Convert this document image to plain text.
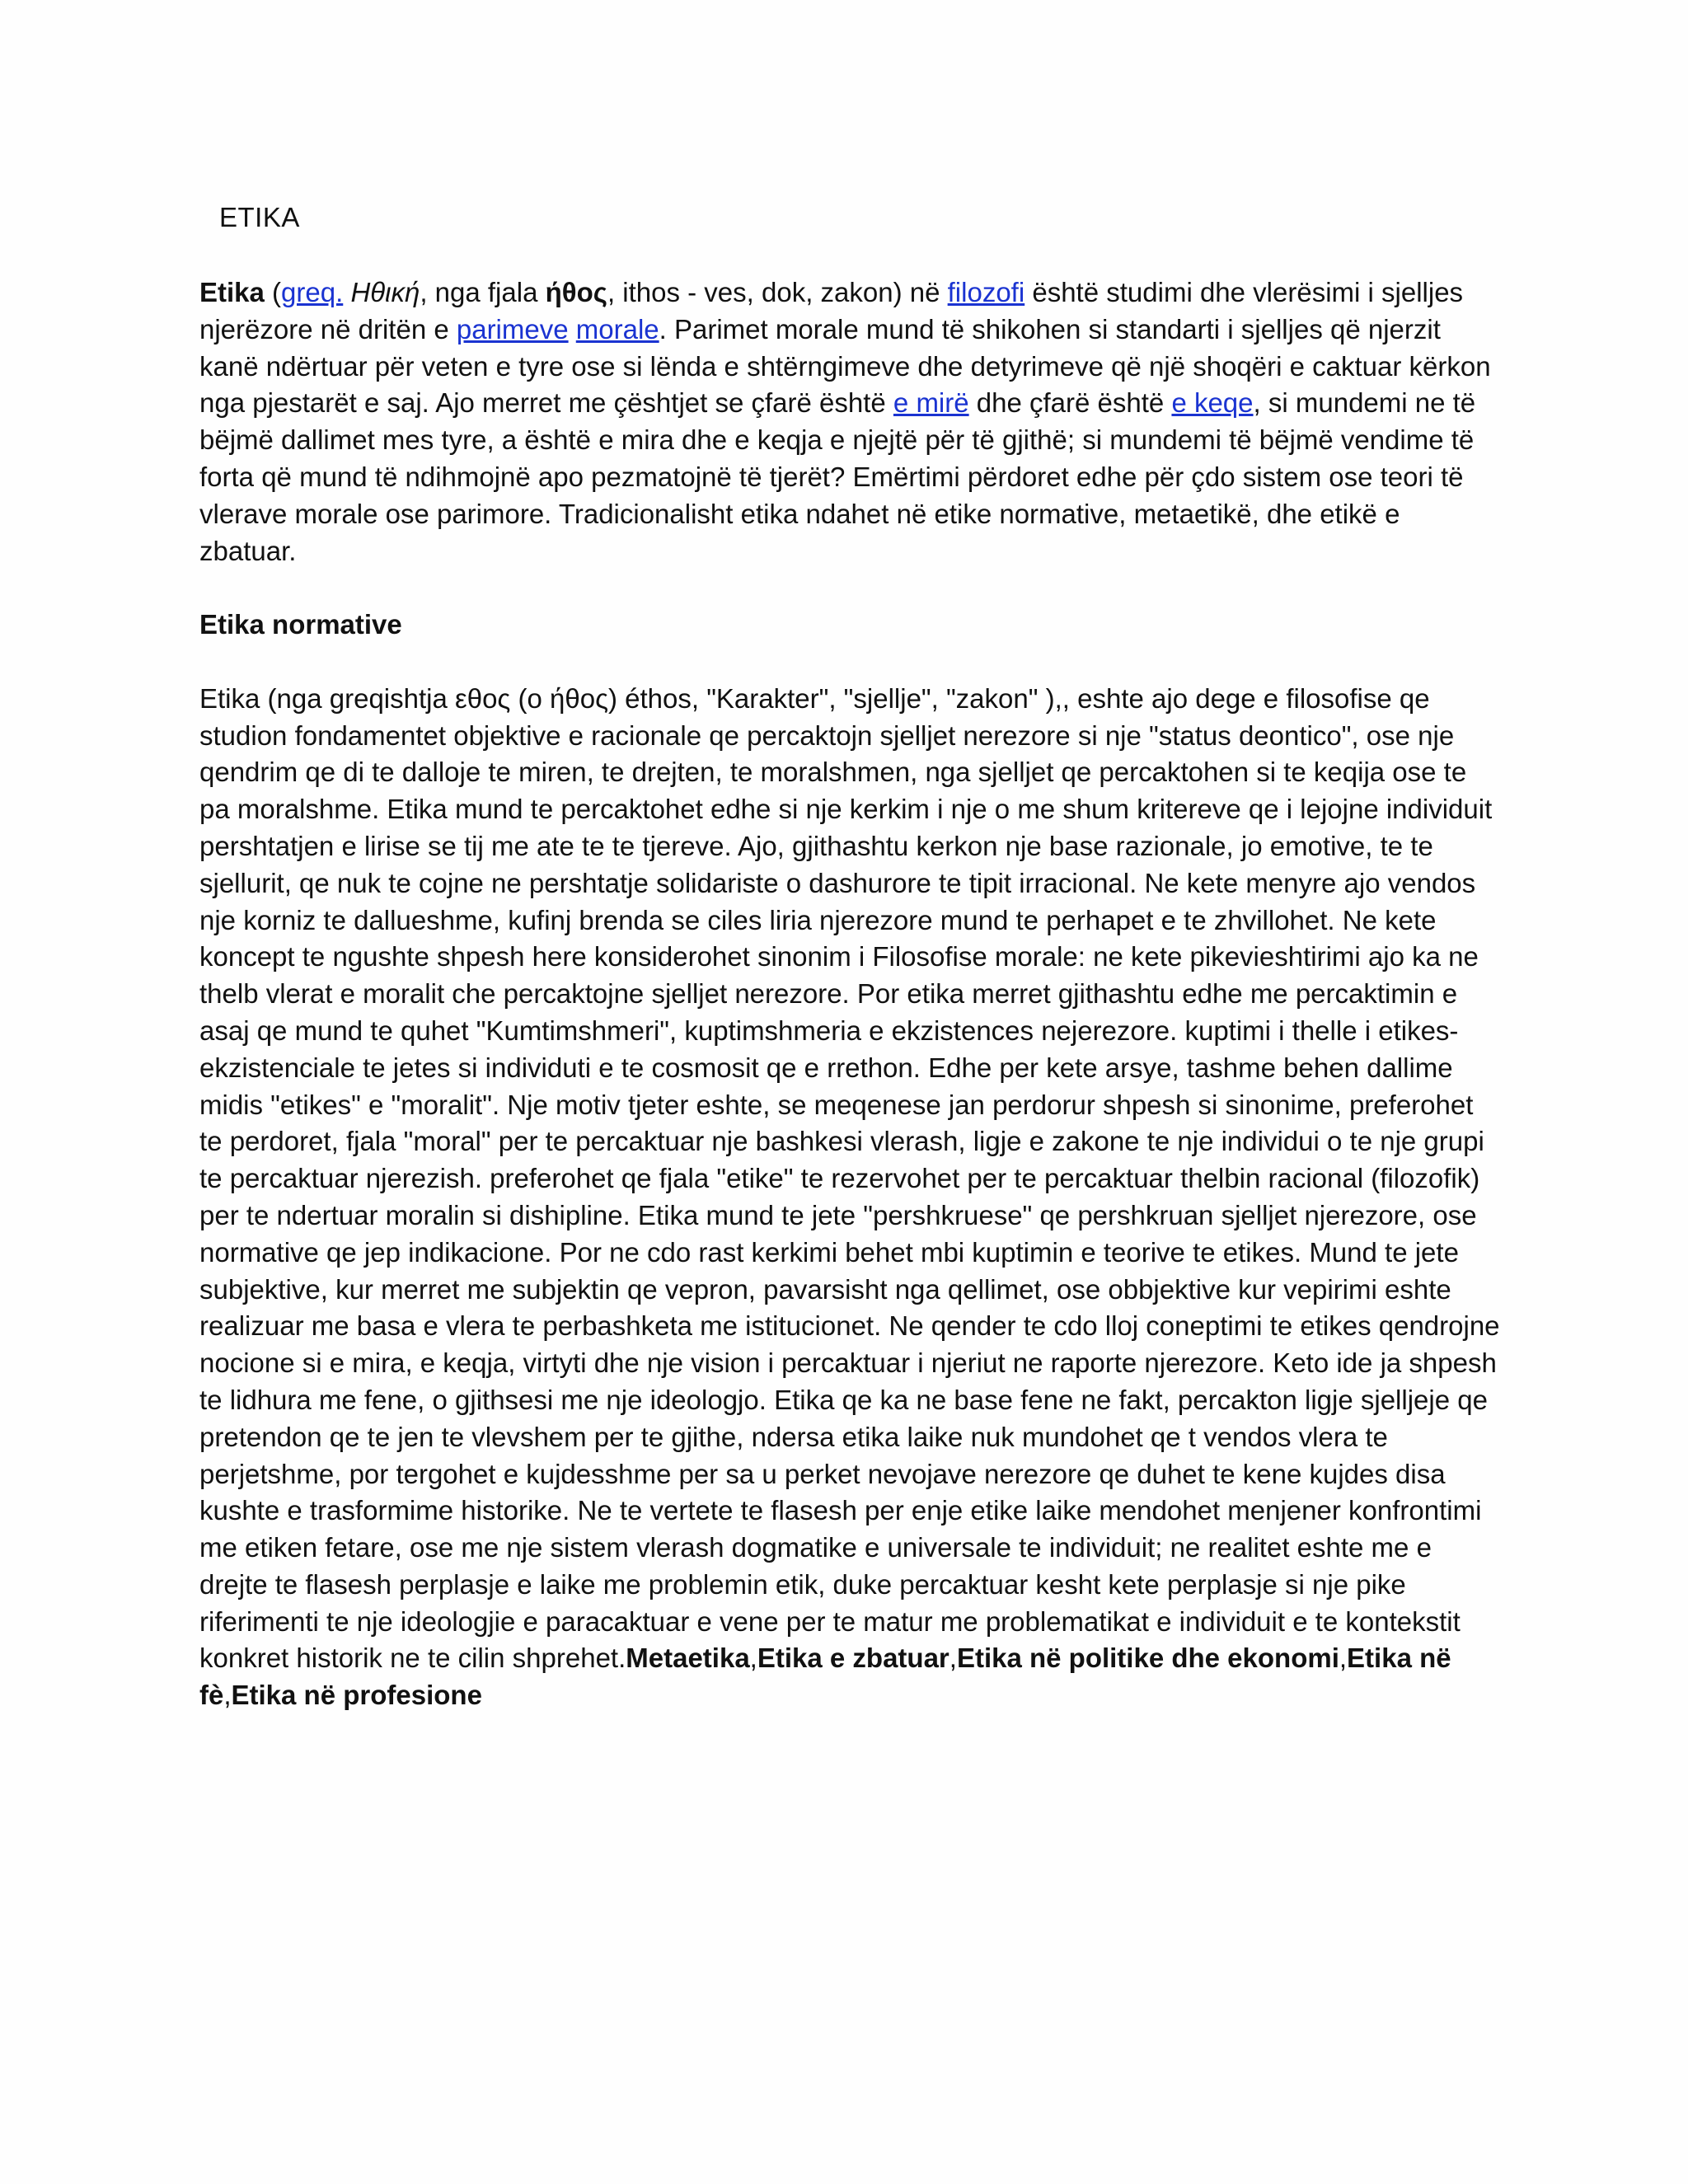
ETIKA

Etika (greq. Ηθική, nga fjala ήθος, ithos - ves, dok, zakon) në filozofi është studimi dhe vlerësimi i sjelljes njerëzore në dritën e parimeve morale. Parimet morale mund të shikohen si standarti i sjelljes që njerzit kanë ndërtuar për veten e tyre ose si lënda e shtërngimeve dhe detyrimeve që një shoqëri e caktuar kërkon nga pjestarët e saj. Ajo merret me çështjet se çfarë është e mirë dhe çfarë është e keqe, si mundemi ne të bëjmë dallimet mes tyre, a është e mira dhe e keqja e njejtë për të gjithë; si mundemi të bëjmë vendime të forta që mund të ndihmojnë apo pezmatojnë të tjerët? Emërtimi përdoret edhe për çdo sistem ose teori të vlerave morale ose parimore. Tradicionalisht etika ndahet në etike normative, metaetikë, dhe etikë e zbatuar.

Etika normative

Etika (nga greqishtja εθος (o ήθος) éthos, "Karakter", "sjellje", "zakon" ),, eshte ajo dege e filosofise qe studion fondamentet objektive e racionale qe percaktojn sjelljet nerezore si nje "status deontico", ose nje qendrim qe di te dalloje te miren, te drejten, te moralshmen, nga sjelljet qe percaktohen si te keqija ose te pa moralshme. Etika mund te percaktohet edhe si nje kerkim i nje o me shum kritereve qe i lejojne individuit pershtatjen e lirise se tij me ate te te tjereve. Ajo, gjithashtu kerkon nje base razionale, jo emotive, te te sjellurit, qe nuk te cojne ne pershtatje solidariste o dashurore te tipit irracional. Ne kete menyre ajo vendos nje korniz te dallueshme, kufinj brenda se ciles liria njerezore mund te perhapet e te zhvillohet. Ne kete koncept te ngushte shpesh here konsiderohet sinonim i Filosofise morale: ne kete pikevieshtirimi ajo ka ne thelb vlerat e moralit che percaktojne sjelljet nerezore. Por etika merret gjithashtu edhe me percaktimin e asaj qe mund te quhet "Kumtimshmeri", kuptimshmeria e ekzistences nejerezore. kuptimi i thelle i etikes-ekzistenciale te jetes si individuti e te cosmosit qe e rrethon. Edhe per kete arsye, tashme behen dallime midis "etikes" e "moralit". Nje motiv tjeter eshte, se meqenese jan perdorur shpesh si sinonime, preferohet te perdoret, fjala "moral" per te percaktuar nje bashkesi vlerash, ligje e zakone te nje individui o te nje grupi te percaktuar njerezish. preferohet qe fjala "etike" te rezervohet per te percaktuar thelbin racional (filozofik) per te ndertuar moralin si dishipline. Etika mund te jete "pershkruese" qe pershkruan sjelljet njerezore, ose normative qe jep indikacione. Por ne cdo rast kerkimi behet mbi kuptimin e teorive te etikes. Mund te jete subjektive, kur merret me subjektin qe vepron, pavarsisht nga qellimet, ose obbjektive kur vepirimi eshte realizuar me basa e vlera te perbashketa me istitucionet. Ne qender te cdo lloj coneptimi te etikes qendrojne nocione si e mira, e keqja, virtyti dhe nje vision i percaktuar i njeriut ne raporte njerezore. Keto ide ja shpesh te lidhura me fene, o gjithsesi me nje ideologjo. Etika qe ka ne base fene ne fakt, percakton ligje sjelljeje qe pretendon qe te jen te vlevshem per te gjithe, ndersa etika laike nuk mundohet qe t vendos vlera te perjetshme, por tergohet e kujdesshme per sa u perket nevojave nerezore qe duhet te kene kujdes disa kushte e trasformime historike. Ne te vertete te flasesh per enje etike laike mendohet menjener konfrontimi me etiken fetare, ose me nje sistem vlerash dogmatike e universale te individuit; ne realitet eshte me e drejte te flasesh perplasje e laike me problemin etik, duke percaktuar kesht kete perplasje si nje pike riferimenti te nje ideologjie e paracaktuar e vene per te matur me problematikat e individuit e te kontekstit konkret historik ne te cilin shprehet.Metaetika,Etika e zbatuar,Etika në politike dhe ekonomi,Etika në fè,Etika në profesione
